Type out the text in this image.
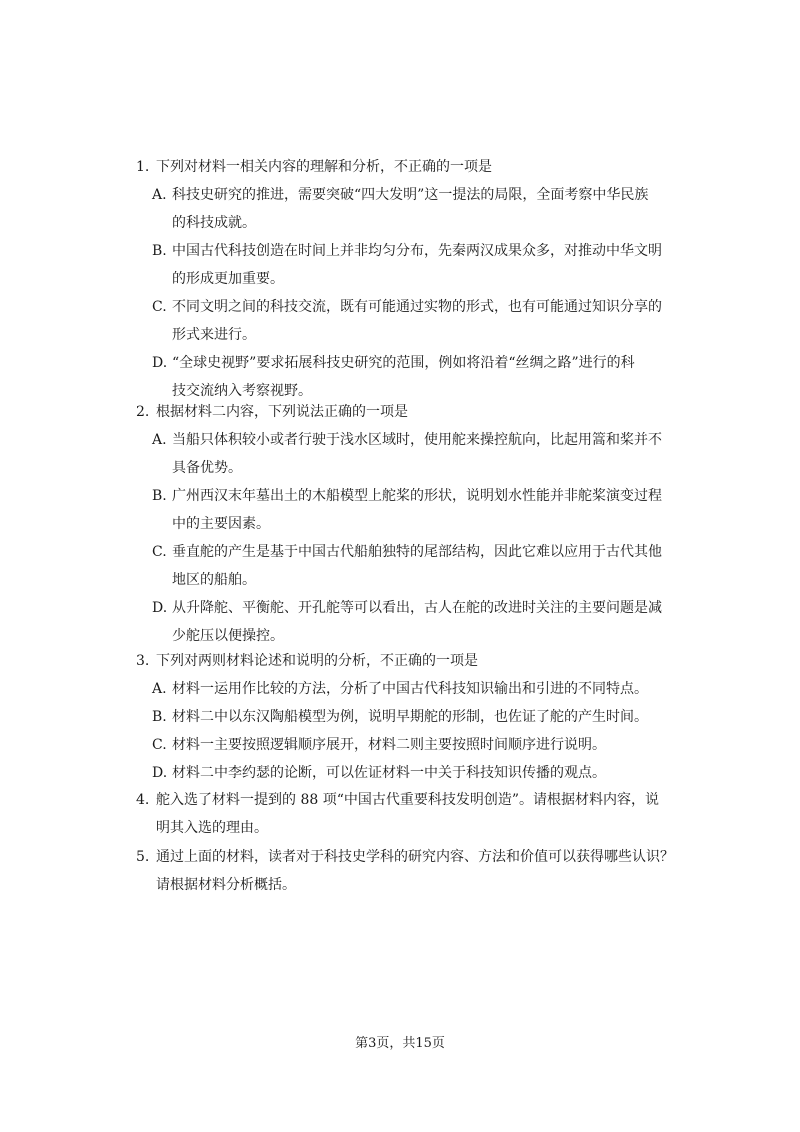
1. 下列对材料一相关内容的理解和分析，不正确的一项是

A. 科技史研究的推进，需要突破“四大发明”这一提法的局限，全面考察中华民族
的科技成就。
B. 中国古代科技创造在时间上并非均匀分布，先秦两汉成果众多，对推动中华文明
的形成更加重要。
C. 不同文明之间的科技交流，既有可能通过实物的形式，也有可能通过知识分享的
形式来进行。
D. “全球史视野”要求拓展科技史研究的范围，例如将沿着“丝绸之路”进行的科
技交流纳入考察视野。

2. 根据材料二内容，下列说法正确的一项是

A. 当船只体积较小或者行驶于浅水区域时，使用舵来操控航向，比起用篙和桨并不
具备优势。
B. 广州西汉末年墓出土的木船模型上舵桨的形状，说明划水性能并非舵桨演变过程
中的主要因素。
C. 垂直舵的产生是基于中国古代船舶独特的尾部结构，因此它难以应用于古代其他
地区的船舶。
D. 从升降舵、平衡舵、开孔舵等可以看出，古人在舵的改进时关注的主要问题是减
少舵压以便操控。

3. 下列对两则材料论述和说明的分析，不正确的一项是

A. 材料一运用作比较的方法，分析了中国古代科技知识输出和引进的不同特点。
B. 材料二中以东汉陶船模型为例，说明早期舵的形制，也佐证了舵的产生时间。
C. 材料一主要按照逻辑顺序展开，材料二则主要按照时间顺序进行说明。
D. 材料二中李约瑟的论断，可以佐证材料一中关于科技知识传播的观点。

4. 舵入选了材料一提到的 88 项“中国古代重要科技发明创造”。请根据材料内容，说

明其入选的理由。

5. 通过上面的材料，读者对于科技史学科的研究内容、方法和价值可以获得哪些认识？

请根据材料分析概括。

第3页，共15页
